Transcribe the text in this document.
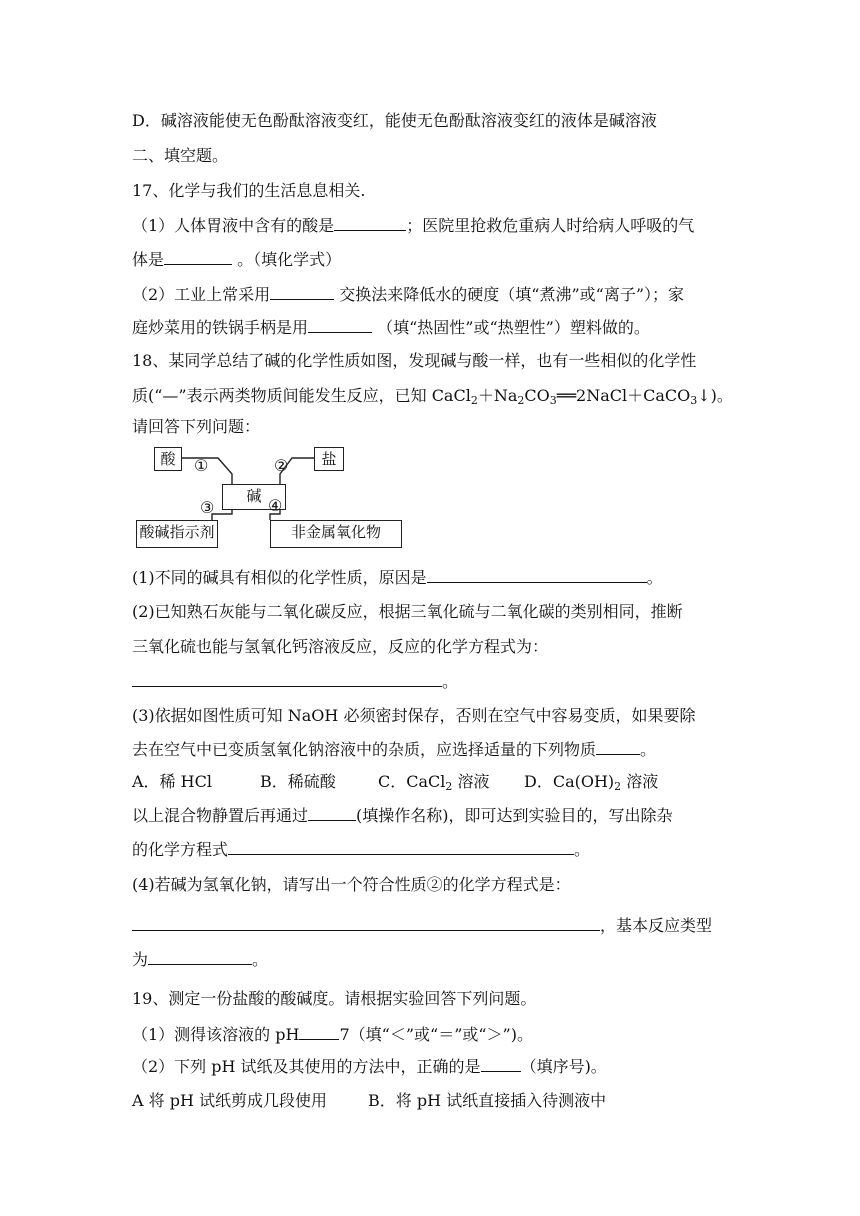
D．碱溶液能使无色酚酞溶液变红，能使无色酚酞溶液变红的液体是碱溶液
二、填空题。
17、化学与我们的生活息息相关.
（1）人体胃液中含有的酸是	；医院里抢救危重病人时给病人呼吸的气
体是	。（填化学式）
（2）工业上常采用	交换法来降低水的硬度（填“煮沸”或“离子”）；家
庭炒菜用的铁锅手柄是用	（填“热固性”或“热塑性”）塑料做的。
18、某同学总结了碱的化学性质如图，发现碱与酸一样，也有一些相似的化学性
质(“—”表示两类物质间能发生反应，已知 $CaCl_2+Na_2CO_3══2NaCl+CaCO_3↓$)。
请回答下列问题：
酸	盐
碱
酸碱指示剂	非金属氧化物
①	②
③	④
(1)不同的碱具有相似的化学性质，原因是	。
(2)已知熟石灰能与二氧化碳反应，根据三氧化硫与二氧化碳的类别相同，推断
三氧化硫也能与氢氧化钙溶液反应，反应的化学方程式为：
。
(3)依据如图性质可知 NaOH 必须密封保存，否则在空气中容易变质，如果要除
去在空气中已变质氢氧化钠溶液中的杂质，应选择适量的下列物质	。
A．稀 HCl	B．稀硫酸	C．CaCl$_2$ 溶液 D．$Ca(OH)_2$ 溶液
以上混合物静置后再通过	(填操作名称)，即可达到实验目的，写出除杂
的化学方程式	。
(4)若碱为氢氧化钠，请写出一个符合性质②的化学方程式是：
，基本反应类型
为	。
19、测定一份盐酸的酸碱度。请根据实验回答下列问题。
（1）测得该溶液的 pH	7（填“＜”或“＝”或“＞”)。
（2）下列 pH 试纸及其使用的方法中，正确的是	（填序号)。
A 将 pH 试纸剪成几段使用	B．将 pH 试纸直接插入待测液中
